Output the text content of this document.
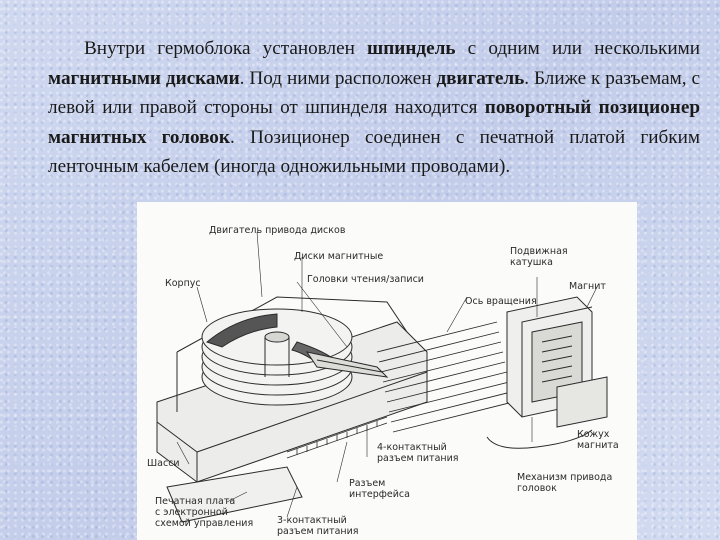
Внутри гермоблока установлен шпиндель с одним или несколькими магнитными дисками. Под ними расположен двигатель. Ближе к разъемам, с левой или правой стороны от шпинделя находится поворотный позиционер магнитных головок. Позиционер соединен с печатной платой гибким ленточным кабелем (иногда одножильными проводами).
Двигатель привода дисков
Диски магнитные
Корпус	Головки чтения/записи
Подвижная
катушка
Ось вращения
Магнит
Шасси
4-контактный
разъем питания
Кожух
магнита
Разъем
интерфейса
Механизм привода
головок
Печатная плата
с электронной
схемой управления	3-контактный
разъем питания
